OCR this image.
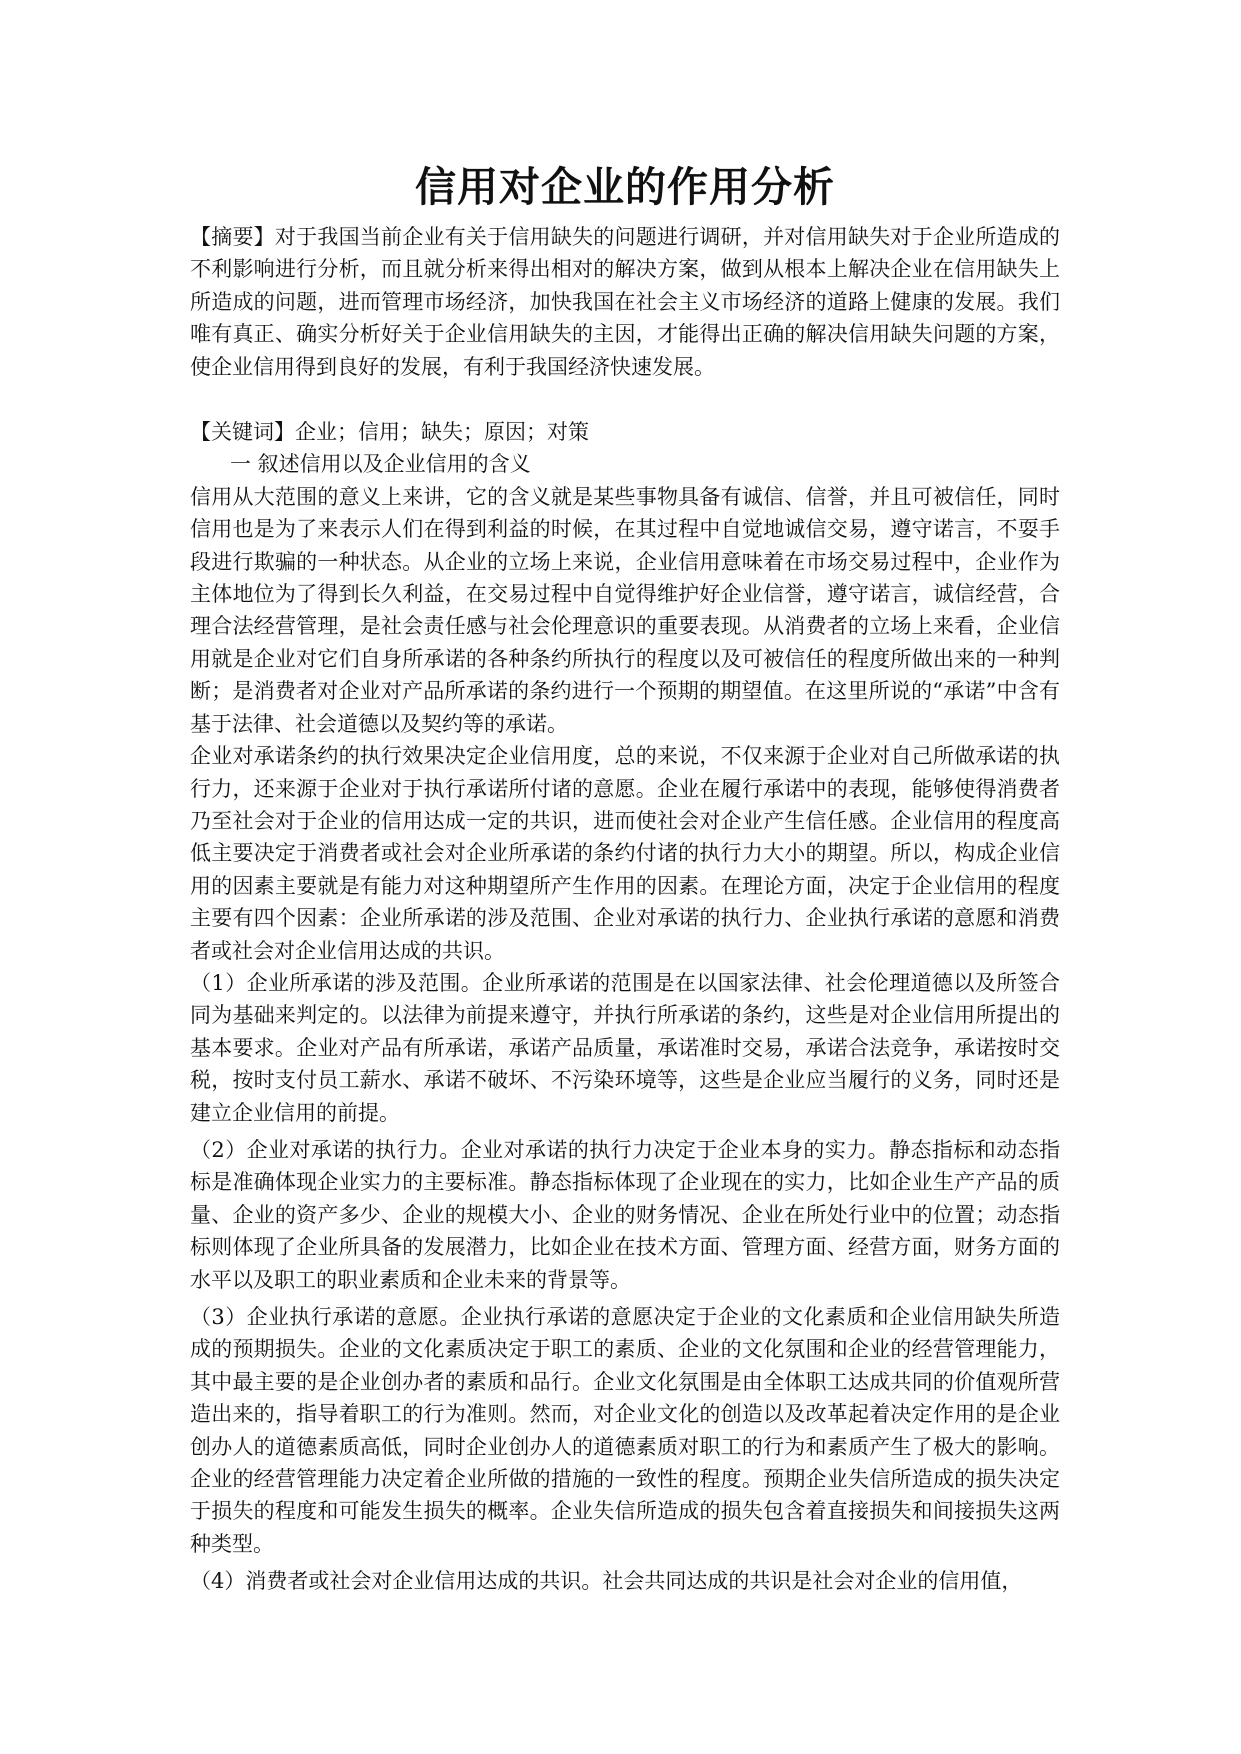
信用对企业的作用分析

【摘要】对于我国当前企业有关于信用缺失的问题进行调研，并对信用缺失对于企业所造成的不利影响进行分析，而且就分析来得出相对的解决方案，做到从根本上解决企业在信用缺失上所造成的问题，进而管理市场经济，加快我国在社会主义市场经济的道路上健康的发展。我们唯有真正、确实分析好关于企业信用缺失的主因，才能得出正确的解决信用缺失问题的方案，使企业信用得到良好的发展，有利于我国经济快速发展。

【关键词】企业；信用；缺失；原因；对策

一 叙述信用以及企业信用的含义

信用从大范围的意义上来讲，它的含义就是某些事物具备有诚信、信誉，并且可被信任，同时信用也是为了来表示人们在得到利益的时候，在其过程中自觉地诚信交易，遵守诺言，不耍手段进行欺骗的一种状态。从企业的立场上来说，企业信用意味着在市场交易过程中，企业作为主体地位为了得到长久利益，在交易过程中自觉得维护好企业信誉，遵守诺言，诚信经营，合理合法经营管理，是社会责任感与社会伦理意识的重要表现。从消费者的立场上来看，企业信用就是企业对它们自身所承诺的各种条约所执行的程度以及可被信任的程度所做出来的一种判断；是消费者对企业对产品所承诺的条约进行一个预期的期望值。在这里所说的“承诺”中含有基于法律、社会道德以及契约等的承诺。

企业对承诺条约的执行效果决定企业信用度，总的来说，不仅来源于企业对自己所做承诺的执行力，还来源于企业对于执行承诺所付诸的意愿。企业在履行承诺中的表现，能够使得消费者乃至社会对于企业的信用达成一定的共识，进而使社会对企业产生信任感。企业信用的程度高低主要决定于消费者或社会对企业所承诺的条约付诸的执行力大小的期望。所以，构成企业信用的因素主要就是有能力对这种期望所产生作用的因素。在理论方面，决定于企业信用的程度主要有四个因素：企业所承诺的涉及范围、企业对承诺的执行力、企业执行承诺的意愿和消费者或社会对企业信用达成的共识。

（1）企业所承诺的涉及范围。企业所承诺的范围是在以国家法律、社会伦理道德以及所签合同为基础来判定的。以法律为前提来遵守，并执行所承诺的条约，这些是对企业信用所提出的基本要求。企业对产品有所承诺，承诺产品质量，承诺准时交易，承诺合法竞争，承诺按时交税，按时支付员工薪水、承诺不破坏、不污染环境等，这些是企业应当履行的义务，同时还是建立企业信用的前提。

（2）企业对承诺的执行力。企业对承诺的执行力决定于企业本身的实力。静态指标和动态指标是准确体现企业实力的主要标准。静态指标体现了企业现在的实力，比如企业生产产品的质量、企业的资产多少、企业的规模大小、企业的财务情况、企业在所处行业中的位置；动态指标则体现了企业所具备的发展潜力，比如企业在技术方面、管理方面、经营方面，财务方面的水平以及职工的职业素质和企业未来的背景等。

（3）企业执行承诺的意愿。企业执行承诺的意愿决定于企业的文化素质和企业信用缺失所造成的预期损失。企业的文化素质决定于职工的素质、企业的文化氛围和企业的经营管理能力，其中最主要的是企业创办者的素质和品行。企业文化氛围是由全体职工达成共同的价值观所营造出来的，指导着职工的行为准则。然而，对企业文化的创造以及改革起着决定作用的是企业创办人的道德素质高低，同时企业创办人的道德素质对职工的行为和素质产生了极大的影响。企业的经营管理能力决定着企业所做的措施的一致性的程度。预期企业失信所造成的损失决定于损失的程度和可能发生损失的概率。企业失信所造成的损失包含着直接损失和间接损失这两种类型。

（4）消费者或社会对企业信用达成的共识。社会共同达成的共识是社会对企业的信用值，
